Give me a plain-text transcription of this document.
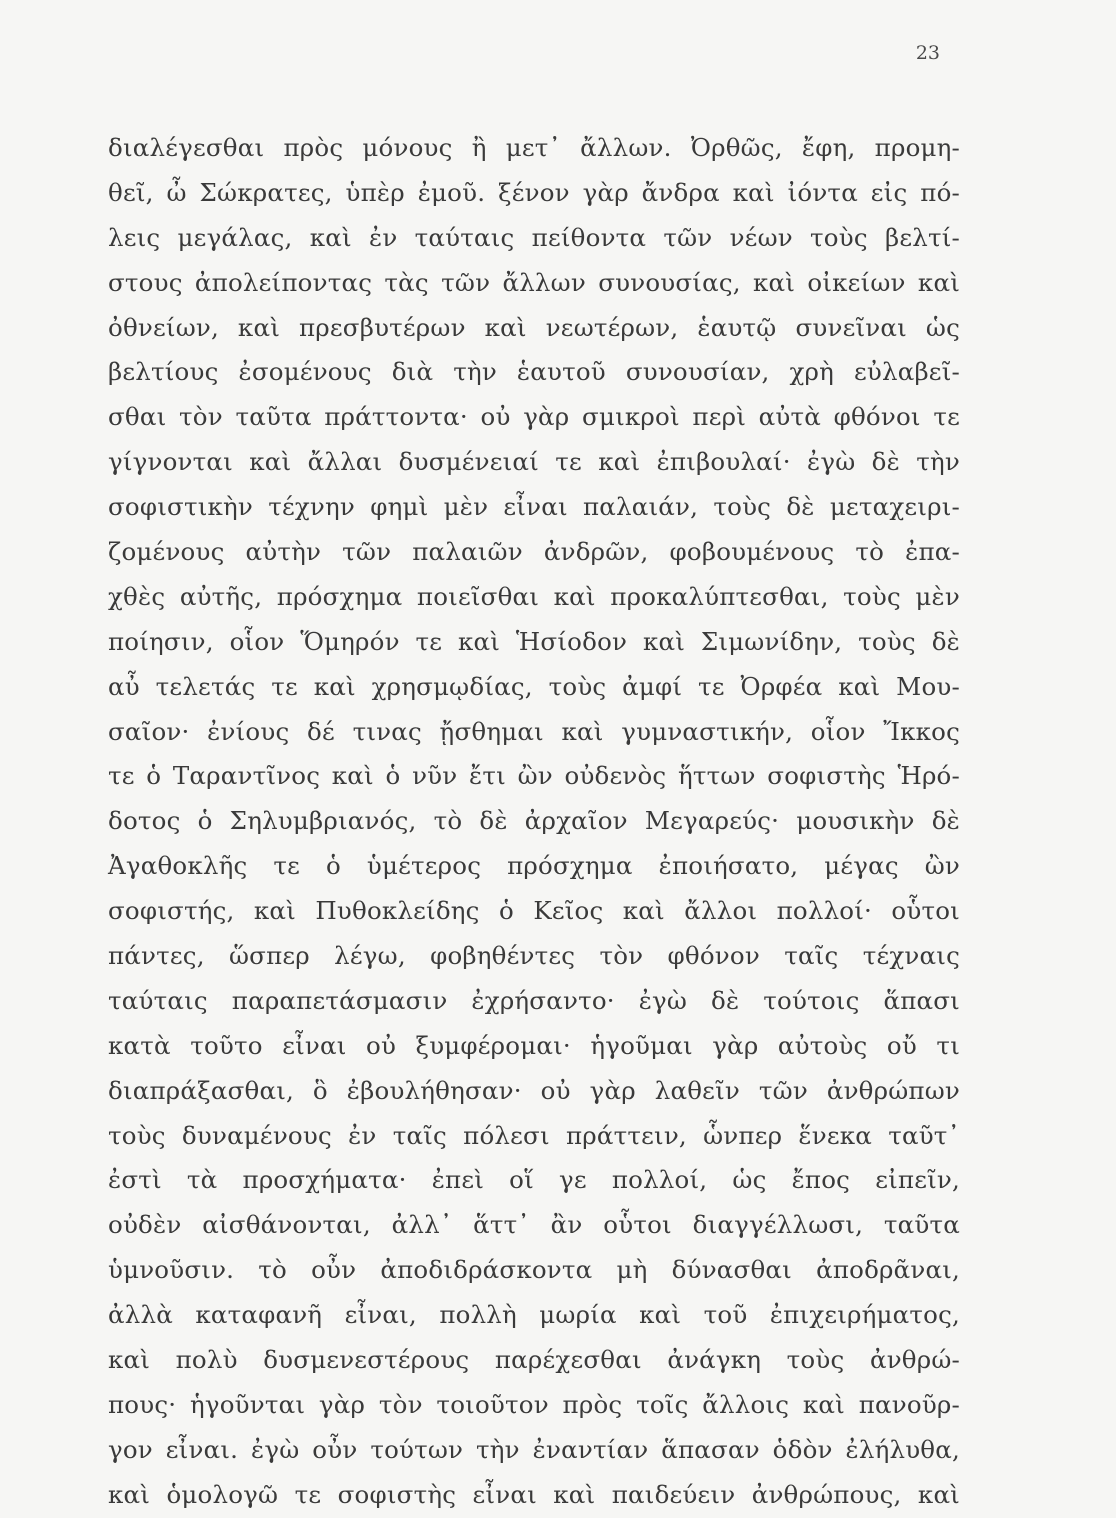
23
διαλέγεσθαι πρὸς μόνους ἢ μετ᾽ ἄλλων. Ὀρθῶς, ἔφη, προμη-
θεῖ, ὦ Σώκρατες, ὑπὲρ ἐμοῦ. ξένον γὰρ ἄνδρα καὶ ἰόντα εἰς πό-
λεις μεγάλας, καὶ ἐν ταύταις πείθοντα τῶν νέων τοὺς βελτί-
στους ἀπολείποντας τὰς τῶν ἄλλων συνουσίας, καὶ οἰκείων καὶ
ὀθνείων, καὶ πρεσβυτέρων καὶ νεωτέρων, ἑαυτῷ συνεῖναι ὡς
βελτίους ἐσομένους διὰ τὴν ἑαυτοῦ συνουσίαν, χρὴ εὐλαβεῖ-
σθαι τὸν ταῦτα πράττοντα· οὐ γὰρ σμικροὶ περὶ αὐτὰ φθόνοι τε
γίγνονται καὶ ἄλλαι δυσμένειαί τε καὶ ἐπιβουλαί· ἐγὼ δὲ τὴν
σοφιστικὴν τέχνην φημὶ μὲν εἶναι παλαιάν, τοὺς δὲ μεταχειρι-
ζομένους αὐτὴν τῶν παλαιῶν ἀνδρῶν, φοβουμένους τὸ ἐπα-
χθὲς αὐτῆς, πρόσχημα ποιεῖσθαι καὶ προκαλύπτεσθαι, τοὺς μὲν
ποίησιν, οἷον Ὅμηρόν τε καὶ Ἡσίοδον καὶ Σιμωνίδην, τοὺς δὲ
αὖ τελετάς τε καὶ χρησμῳδίας, τοὺς ἀμφί τε Ὀρφέα καὶ Μου-
σαῖον· ἐνίους δέ τινας ᾔσθημαι καὶ γυμναστικήν, οἷον Ἴκκος
τε ὁ Ταραντῖνος καὶ ὁ νῦν ἔτι ὢν οὐδενὸς ἥττων σοφιστὴς Ἡρό-
δοτος ὁ Σηλυμβριανός, τὸ δὲ ἀρχαῖον Μεγαρεύς· μουσικὴν δὲ
Ἀγαθοκλῆς τε ὁ ὑμέτερος πρόσχημα ἐποιήσατο, μέγας ὢν
σοφιστής, καὶ Πυθοκλείδης ὁ Κεῖος καὶ ἄλλοι πολλοί· οὗτοι
πάντες, ὥσπερ λέγω, φοβηθέντες τὸν φθόνον ταῖς τέχναις
ταύταις παραπετάσμασιν ἐχρήσαντο· ἐγὼ δὲ τούτοις ἅπασι
κατὰ τοῦτο εἶναι οὐ ξυμφέρομαι· ἡγοῦμαι γὰρ αὐτοὺς οὔ τι
διαπράξασθαι, ὃ ἐβουλήθησαν· οὐ γὰρ λαθεῖν τῶν ἀνθρώπων
τοὺς δυναμένους ἐν ταῖς πόλεσι πράττειν, ὧνπερ ἕνεκα ταῦτ᾽
ἐστὶ τὰ προσχήματα· ἐπεὶ οἵ γε πολλοί, ὡς ἔπος εἰπεῖν,
οὐδὲν αἰσθάνονται, ἀλλ᾽ ἅττ᾽ ἂν οὗτοι διαγγέλλωσι, ταῦτα
ὑμνοῦσιν. τὸ οὖν ἀποδιδράσκοντα μὴ δύνασθαι ἀποδρᾶναι,
ἀλλὰ καταφανῆ εἶναι, πολλὴ μωρία καὶ τοῦ ἐπιχειρήματος,
καὶ πολὺ δυσμενεστέρους παρέχεσθαι ἀνάγκη τοὺς ἀνθρώ-
πους· ἡγοῦνται γὰρ τὸν τοιοῦτον πρὸς τοῖς ἄλλοις καὶ πανοῦρ-
γον εἶναι. ἐγὼ οὖν τούτων τὴν ἐναντίαν ἅπασαν ὁδὸν ἐλήλυθα,
καὶ ὁμολογῶ τε σοφιστὴς εἶναι καὶ παιδεύειν ἀνθρώπους, καὶ
